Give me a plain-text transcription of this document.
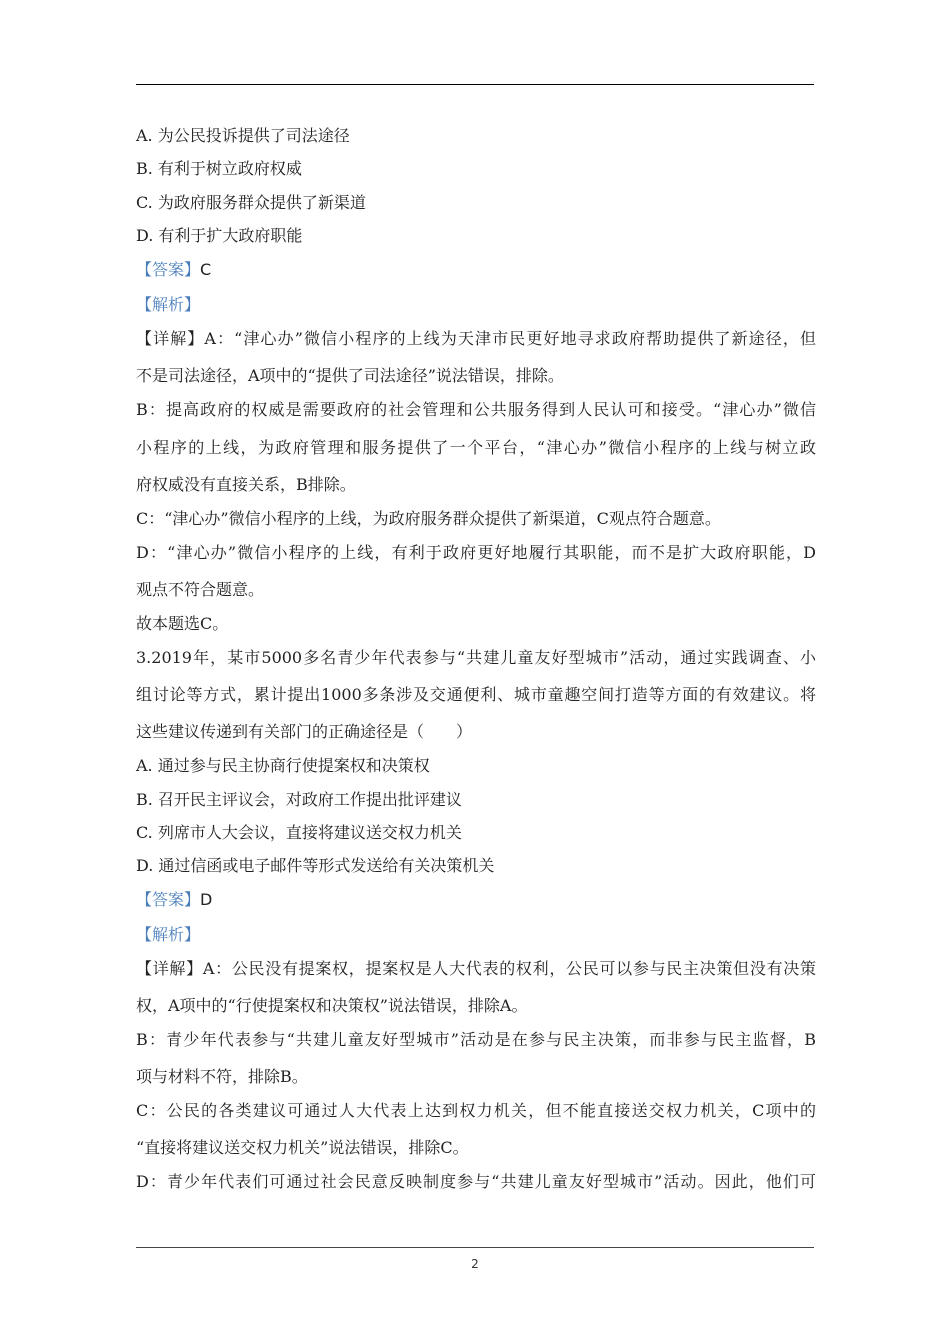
A. 为公民投诉提供了司法途径
B. 有利于树立政府权威
C. 为政府服务群众提供了新渠道
D. 有利于扩大政府职能
【答案】C
【解析】
【详解】A：“津心办”微信小程序的上线为天津市民更好地寻求政府帮助提供了新途径，但
不是司法途径，A项中的“提供了司法途径”说法错误，排除。
B：提高政府的权威是需要政府的社会管理和公共服务得到人民认可和接受。“津心办”微信
小程序的上线，为政府管理和服务提供了一个平台，“津心办”微信小程序的上线与树立政
府权威没有直接关系，B排除。
C：“津心办”微信小程序的上线，为政府服务群众提供了新渠道，C观点符合题意。
D：“津心办”微信小程序的上线，有利于政府更好地履行其职能，而不是扩大政府职能，D
观点不符合题意。
故本题选C。
3.2019年，某市5000多名青少年代表参与“共建儿童友好型城市”活动，通过实践调查、小
组讨论等方式，累计提出1000多条涉及交通便利、城市童趣空间打造等方面的有效建议。将
这些建议传递到有关部门的正确途径是（　　）
A. 通过参与民主协商行使提案权和决策权
B. 召开民主评议会，对政府工作提出批评建议
C. 列席市人大会议，直接将建议送交权力机关
D. 通过信函或电子邮件等形式发送给有关决策机关
【答案】D
【解析】
【详解】A：公民没有提案权，提案权是人大代表的权利，公民可以参与民主决策但没有决策
权，A项中的“行使提案权和决策权”说法错误，排除A。
B：青少年代表参与“共建儿童友好型城市”活动是在参与民主决策，而非参与民主监督，B
项与材料不符，排除B。
C：公民的各类建议可通过人大代表上达到权力机关，但不能直接送交权力机关，C项中的
“直接将建议送交权力机关”说法错误，排除C。
D：青少年代表们可通过社会民意反映制度参与“共建儿童友好型城市”活动。因此，他们可
2
